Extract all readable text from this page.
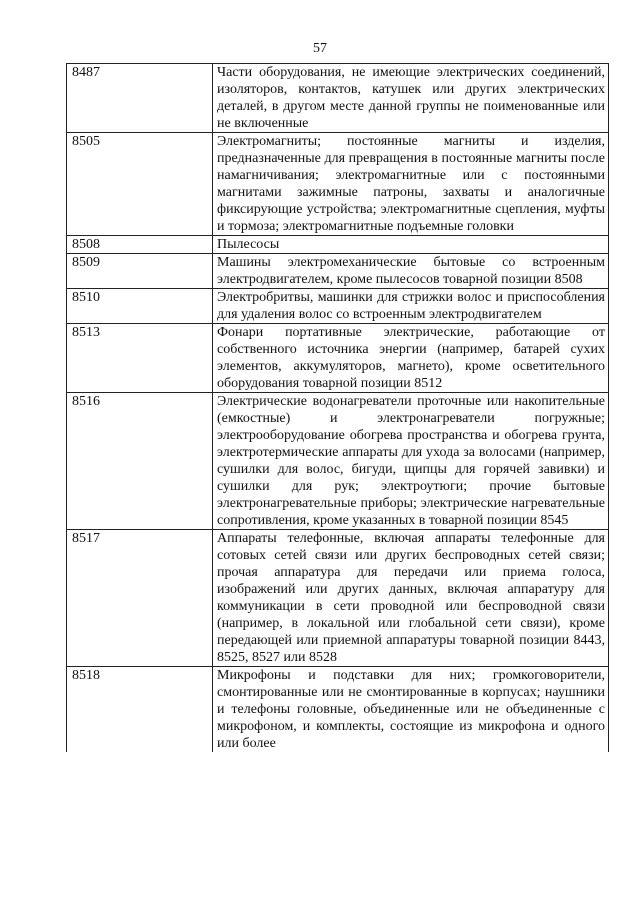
57
8487	Части оборудования, не имеющие электрических соединений, изоляторов, контактов, катушек или других электрических деталей, в другом месте данной группы не поименованные или не включенные
8505	Электромагниты; постоянные магниты и изделия, предназначенные для превращения в постоянные магниты после намагничивания; электромагнитные или с постоянными магнитами зажимные патроны, захваты и аналогичные фиксирующие устройства; электромагнитные сцепления, муфты и тормоза; электромагнитные подъемные головки
8508	Пылесосы
8509	Машины электромеханические бытовые со встроенным электродвигателем, кроме пылесосов товарной позиции 8508
8510	Электробритвы, машинки для стрижки волос и приспособления для удаления волос со встроенным электродвигателем
8513	Фонари портативные электрические, работающие от собственного источника энергии (например, батарей сухих элементов, аккумуляторов, магнето), кроме осветительного оборудования товарной позиции 8512
8516	Электрические водонагреватели проточные или накопительные (емкостные) и электронагреватели погружные; электрооборудование обогрева пространства и обогрева грунта, электротермические аппараты для ухода за волосами (например, сушилки для волос, бигуди, щипцы для горячей завивки) и сушилки для рук; электроутюги; прочие бытовые электронагревательные приборы; электрические нагревательные сопротивления, кроме указанных в товарной позиции 8545
8517	Аппараты телефонные, включая аппараты телефонные для сотовых сетей связи или других беспроводных сетей связи; прочая аппаратура для передачи или приема голоса, изображений или других данных, включая аппаратуру для коммуникации в сети проводной или беспроводной связи (например, в локальной или глобальной сети связи), кроме передающей или приемной аппаратуры товарной позиции 8443, 8525, 8527 или 8528
8518	Микрофоны и подставки для них; громкоговорители, смонтированные или не смонтированные в корпусах; наушники и телефоны головные, объединенные или не объединенные с микрофоном, и комплекты, состоящие из микрофона и одного или более
